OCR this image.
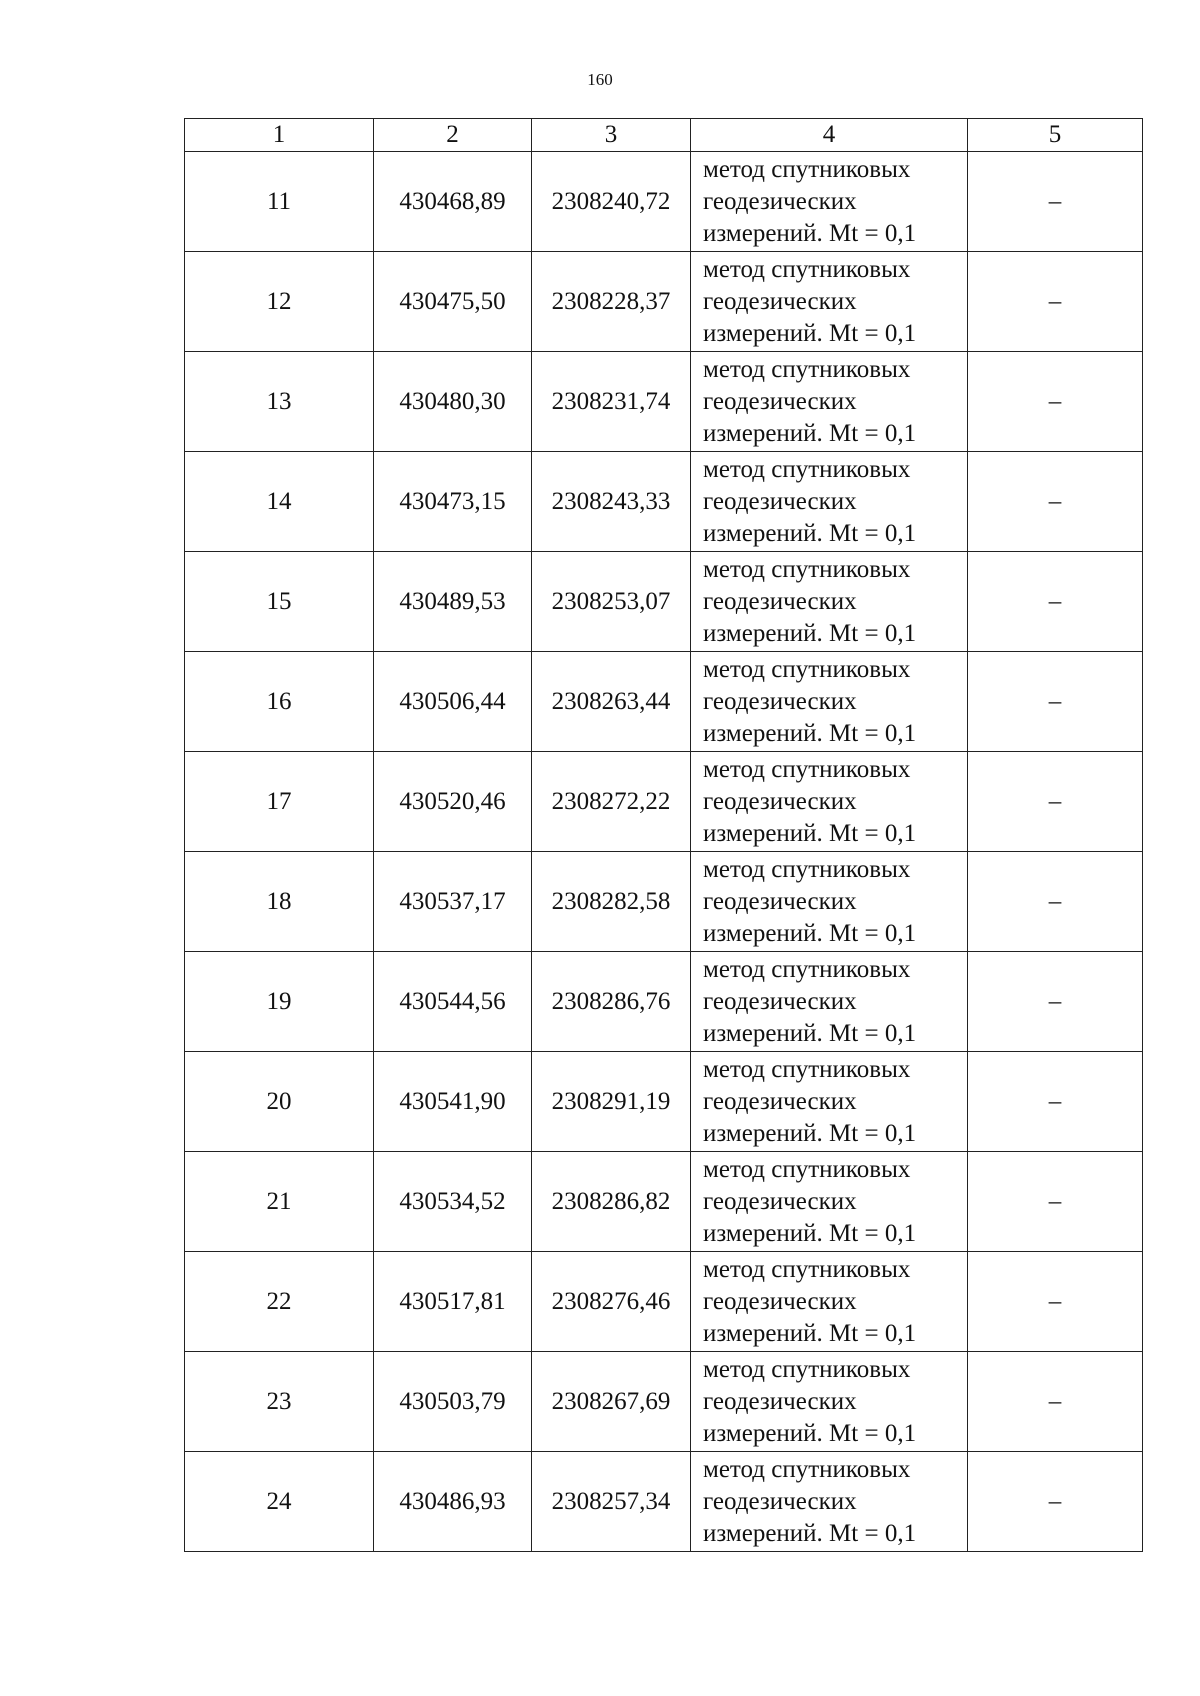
160
1	2	3	4	5
11	430468,89	2308240,72	метод спутниковых
геодезических
измерений. Mt = 0,1	–
12	430475,50	2308228,37	метод спутниковых
геодезических
измерений. Mt = 0,1	–
13	430480,30	2308231,74	метод спутниковых
геодезических
измерений. Mt = 0,1	–
14	430473,15	2308243,33	метод спутниковых
геодезических
измерений. Mt = 0,1	–
15	430489,53	2308253,07	метод спутниковых
геодезических
измерений. Mt = 0,1	–
16	430506,44	2308263,44	метод спутниковых
геодезических
измерений. Mt = 0,1	–
17	430520,46	2308272,22	метод спутниковых
геодезических
измерений. Mt = 0,1	–
18	430537,17	2308282,58	метод спутниковых
геодезических
измерений. Mt = 0,1	–
19	430544,56	2308286,76	метод спутниковых
геодезических
измерений. Mt = 0,1	–
20	430541,90	2308291,19	метод спутниковых
геодезических
измерений. Mt = 0,1	–
21	430534,52	2308286,82	метод спутниковых
геодезических
измерений. Mt = 0,1	–
22	430517,81	2308276,46	метод спутниковых
геодезических
измерений. Mt = 0,1	–
23	430503,79	2308267,69	метод спутниковых
геодезических
измерений. Mt = 0,1	–
24	430486,93	2308257,34	метод спутниковых
геодезических
измерений. Mt = 0,1	–
